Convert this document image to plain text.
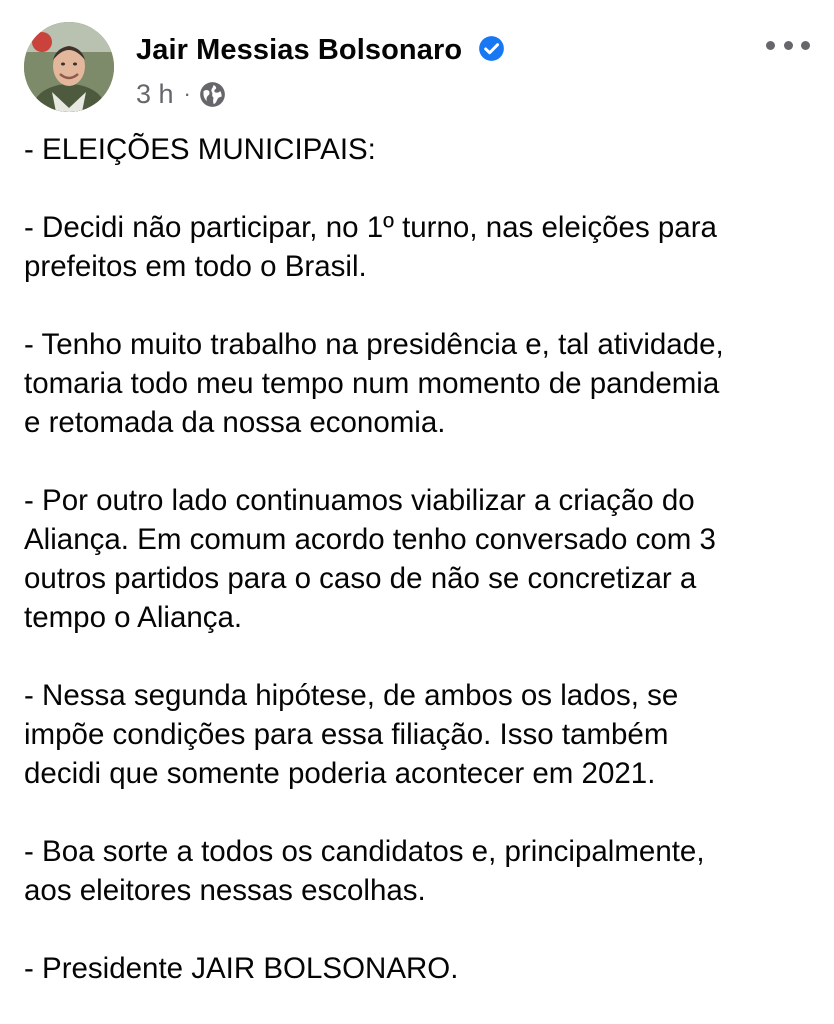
Jair Messias Bolsonaro
3 h ·
- ELEIÇÕES MUNICIPAIS:
- Decidi não participar, no 1º turno, nas eleições para
prefeitos em todo o Brasil.
- Tenho muito trabalho na presidência e, tal atividade,
tomaria todo meu tempo num momento de pandemia
e retomada da nossa economia.
- Por outro lado continuamos viabilizar a criação do
Aliança. Em comum acordo tenho conversado com 3
outros partidos para o caso de não se concretizar a
tempo o Aliança.
- Nessa segunda hipótese, de ambos os lados, se
impõe condições para essa filiação. Isso também
decidi que somente poderia acontecer em 2021.
- Boa sorte a todos os candidatos e, principalmente,
aos eleitores nessas escolhas.
- Presidente JAIR BOLSONARO.
